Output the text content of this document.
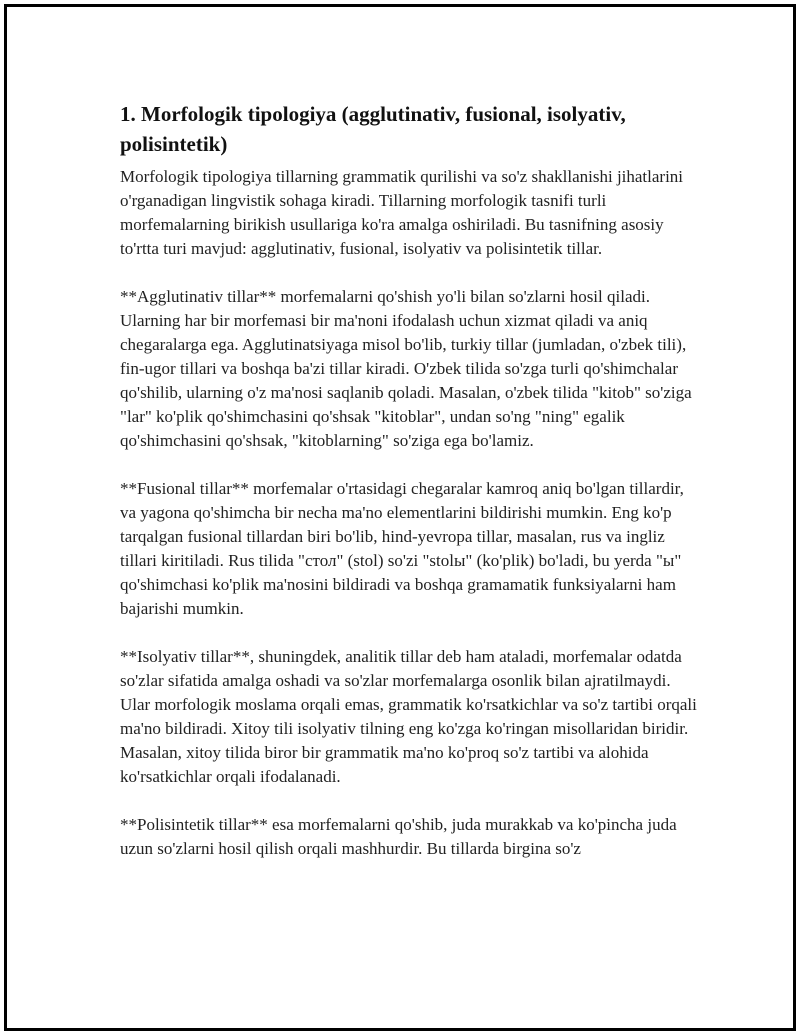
1. Morfologik tipologiya (agglutinativ, fusional, isolyativ, polisintetik)

Morfologik tipologiya tillarning grammatik qurilishi va so'z shakllanishi jihatlarini o'rganadigan lingvistik sohaga kiradi. Tillarning morfologik tasnifi turli morfemalarning birikish usullariga ko'ra amalga oshiriladi. Bu tasnifning asosiy to'rtta turi mavjud: agglutinativ, fusional, isolyativ va polisintetik tillar.

**Agglutinativ tillar** morfemalarni qo'shish yo'li bilan so'zlarni hosil qiladi. Ularning har bir morfemasi bir ma'noni ifodalash uchun xizmat qiladi va aniq chegaralarga ega. Agglutinatsiyaga misol bo'lib, turkiy tillar (jumladan, o'zbek tili), fin-ugor tillari va boshqa ba'zi tillar kiradi. O'zbek tilida so'zga turli qo'shimchalar qo'shilib, ularning o'z ma'nosi saqlanib qoladi. Masalan, o'zbek tilida "kitob" so'ziga "lar" ko'plik qo'shimchasini qo'shsak "kitoblar", undan so'ng "ning" egalik qo'shimchasini qo'shsak, "kitoblarning" so'ziga ega bo'lamiz.

**Fusional tillar** morfemalar o'rtasidagi chegaralar kamroq aniq bo'lgan tillardir, va yagona qo'shimcha bir necha ma'no elementlarini bildirishi mumkin. Eng ko'p tarqalgan fusional tillardan biri bo'lib, hind-yevropa tillar, masalan, rus va ingliz tillari kiritiladi. Rus tilida "стол" (stol) so'zi "stolы" (ko'plik) bo'ladi, bu yerda "ы" qo'shimchasi ko'plik ma'nosini bildiradi va boshqa gramamatik funksiyalarni ham bajarishi mumkin.

**Isolyativ tillar**, shuningdek, analitik tillar deb ham ataladi, morfemalar odatda so'zlar sifatida amalga oshadi va so'zlar morfemalarga osonlik bilan ajratilmaydi. Ular morfologik moslama orqali emas, grammatik ko'rsatkichlar va so'z tartibi orqali ma'no bildiradi. Xitoy tili isolyativ tilning eng ko'zga ko'ringan misollaridan biridir. Masalan, xitoy tilida biror bir grammatik ma'no ko'proq so'z tartibi va alohida ko'rsatkichlar orqali ifodalanadi.

**Polisintetik tillar** esa morfemalarni qo'shib, juda murakkab va ko'pincha juda uzun so'zlarni hosil qilish orqali mashhurdir. Bu tillarda birgina so'z
